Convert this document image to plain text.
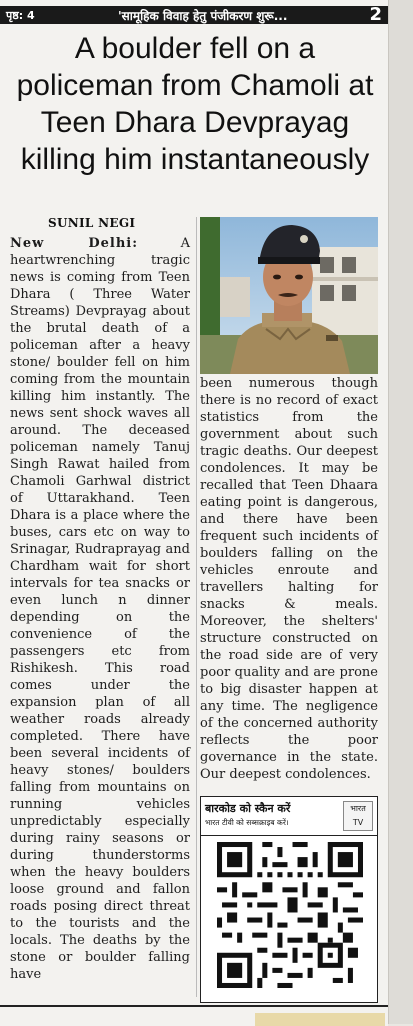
पृष्ठ: 4	'सामूहिक विवाह हेतु पंजीकरण शुरू...	2
A boulder fell on a policeman from Chamoli at Teen Dhara Devprayag killing him instantaneously
SUNIL NEGI
New Delhi:	A heartwrenching tragic news is coming from Teen Dhara ( Three Water Streams) Devprayag about the brutal death of a policeman after a heavy stone/ boulder fell on him coming from the mountain killing him instantly. The news sent shock waves all around. The deceased policeman namely Tanuj Singh Rawat hailed from Chamoli Garhwal district of Uttarakhand. Teen Dhara is a place where the buses, cars etc on way to Srinagar, Rudraprayag and Chardham wait for short intervals for tea snacks or even lunch n dinner depending on the convenience of the passengers etc from Rishikesh. This road comes under the expansion plan of all weather roads already completed. There have been several incidents of heavy stones/ boulders falling from mountains on running vehicles unpredictably especially during rainy seasons or during thunderstorms when the heavy boulders loose ground and fallon roads posing direct threat to the tourists and the locals. The deaths by the stone or boulder falling have
been numerous though there is no record of exact statistics from the government about such tragic deaths. Our deepest condolences. It may be recalled that Teen Dhaara eating point is dangerous, and there have been frequent such incidents of boulders falling on the vehicles enroute and travellers halting for snacks & meals. Moreover, the shelters' structure constructed on the road side are of very poor quality and are prone to big disaster happen at any time. The negligence of the concerned authority reflects the poor governance in the state. Our deepest condolences.
बारकोड को स्कैन करें
भारत टीवी को सब्सक्राइब करें।
भारत
TV
